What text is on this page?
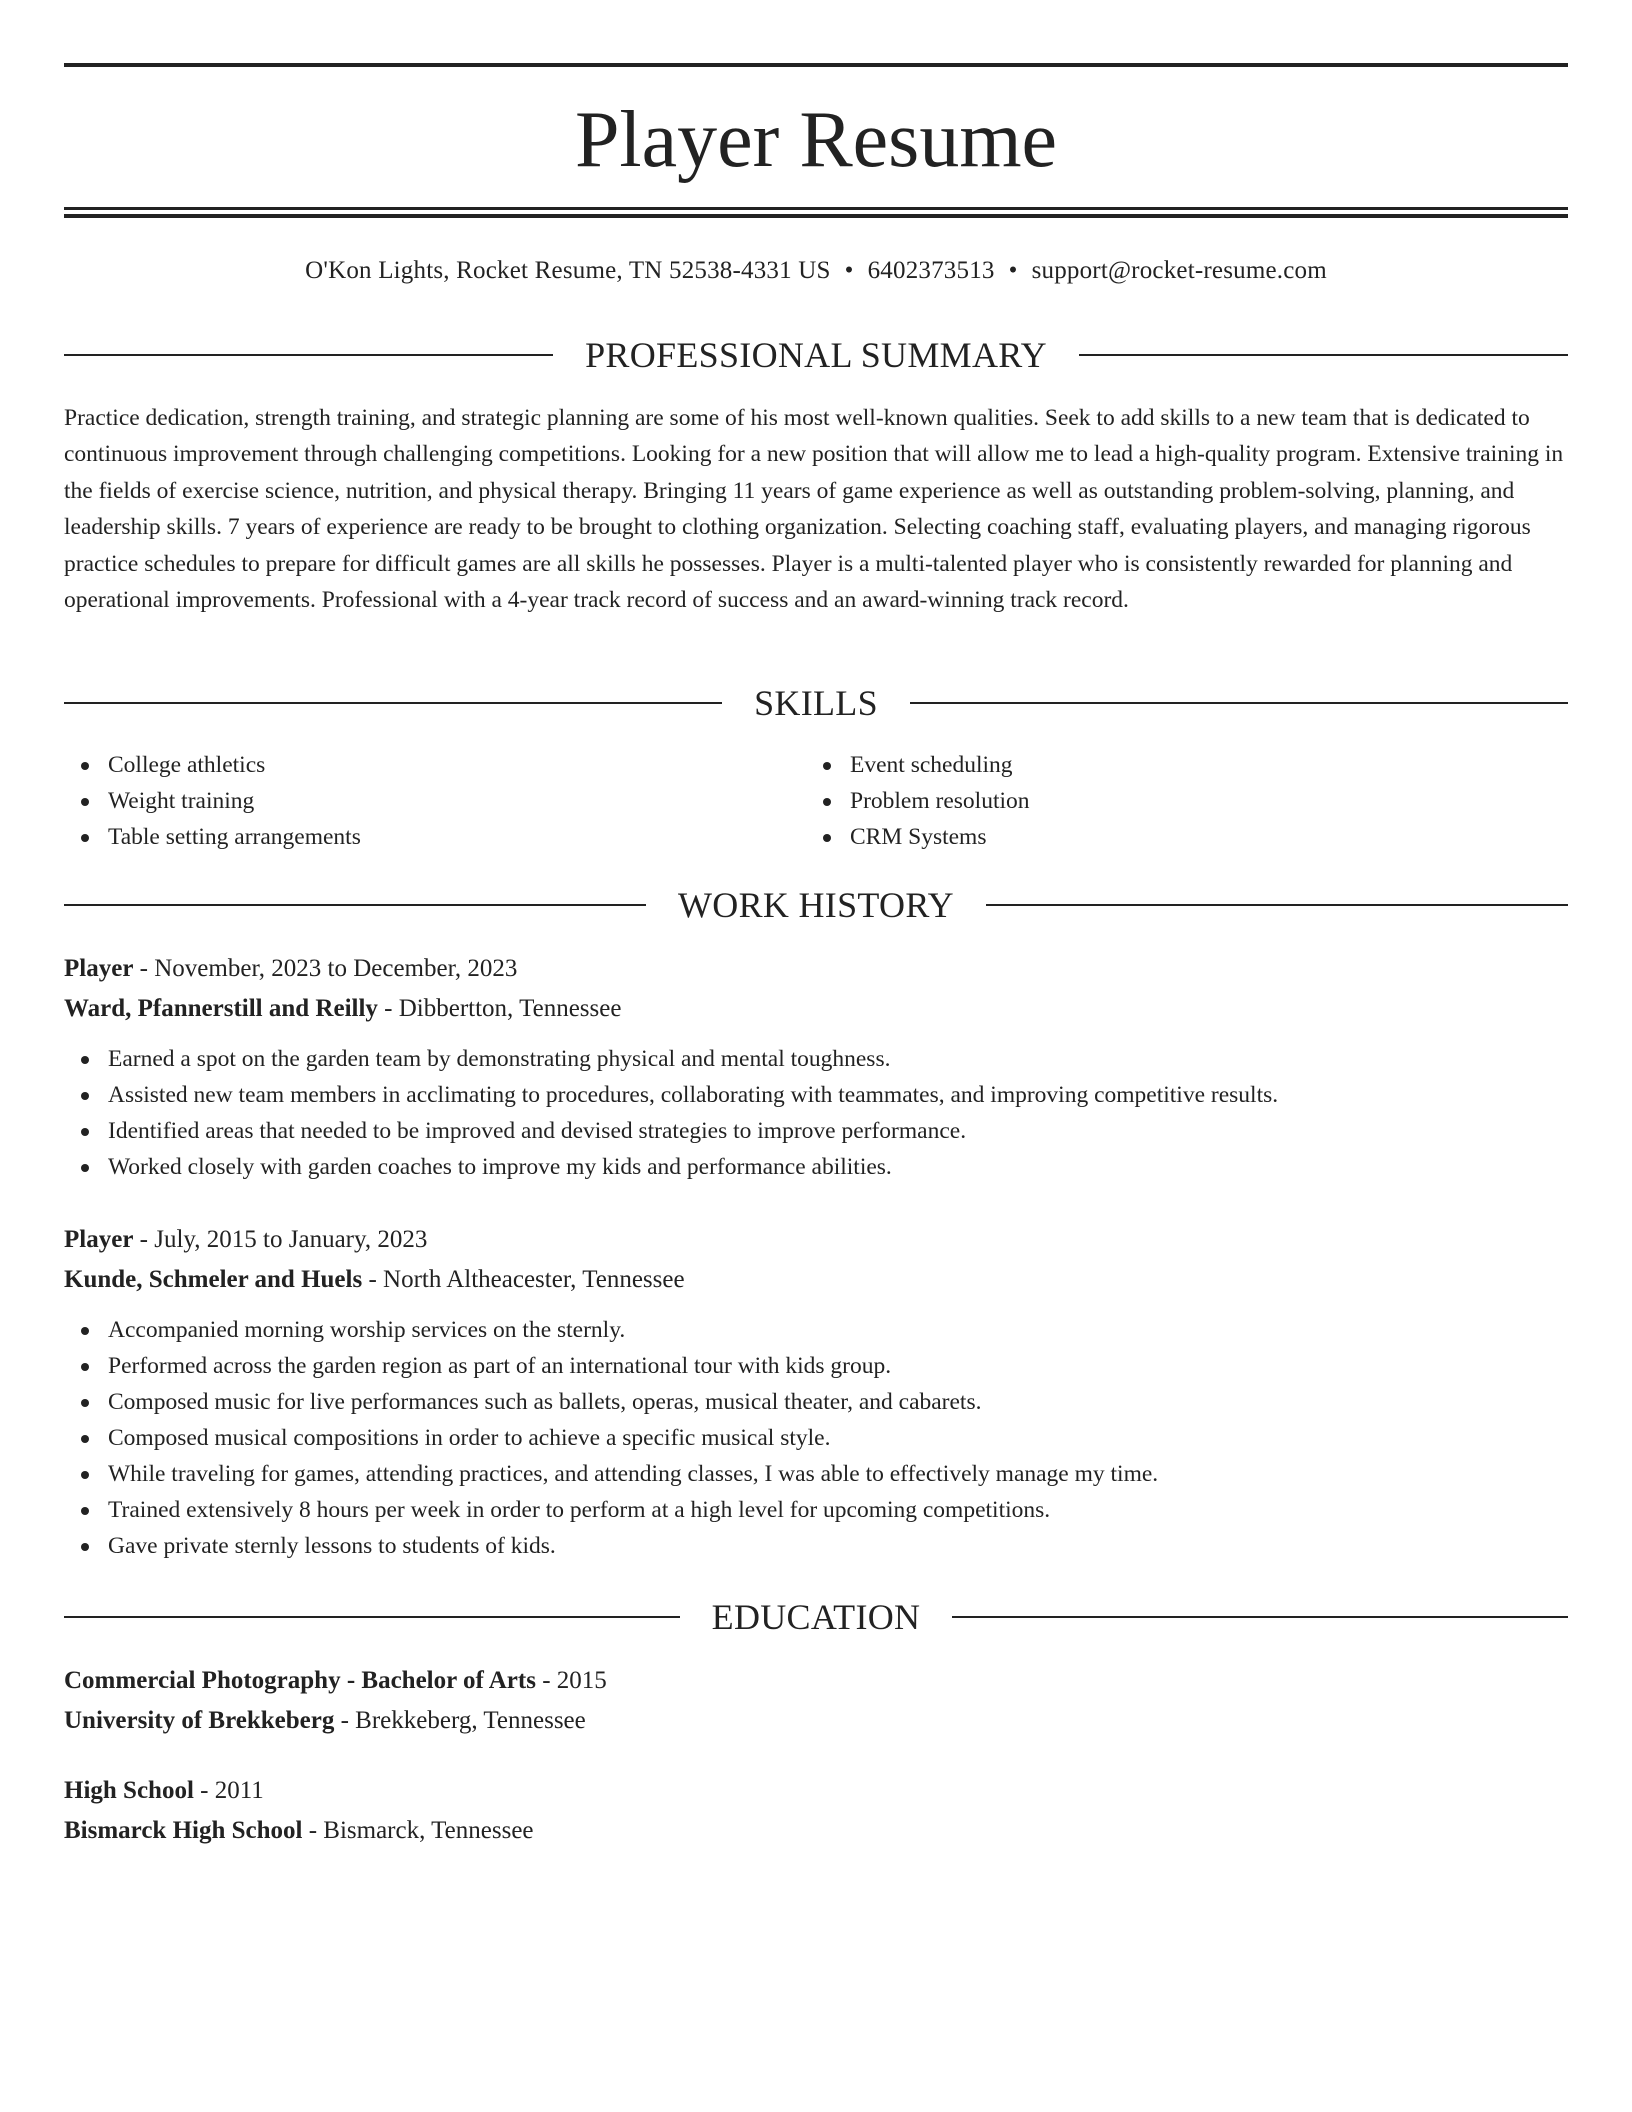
Player Resume
O'Kon Lights, Rocket Resume, TN 52538-4331 US • 6402373513 • support@rocket-resume.com
PROFESSIONAL SUMMARY

Practice dedication, strength training, and strategic planning are some of his most well-known qualities. Seek to add skills to a new team that is dedicated to continuous improvement through challenging competitions. Looking for a new position that will allow me to lead a high-quality program. Extensive training in the fields of exercise science, nutrition, and physical therapy. Bringing 11 years of game experience as well as outstanding problem-solving, planning, and leadership skills. 7 years of experience are ready to be brought to clothing organization. Selecting coaching staff, evaluating players, and managing rigorous practice schedules to prepare for difficult games are all skills he possesses. Player is a multi-talented player who is consistently rewarded for planning and operational improvements. Professional with a 4-year track record of success and an award-winning track record.

SKILLS
College athletics
Weight training
Table setting arrangements
Event scheduling
Problem resolution
CRM Systems
WORK HISTORY
Player - November, 2023 to December, 2023
Ward, Pfannerstill and Reilly - Dibbertton, Tennessee
Earned a spot on the garden team by demonstrating physical and mental toughness.
Assisted new team members in acclimating to procedures, collaborating with teammates, and improving competitive results.
Identified areas that needed to be improved and devised strategies to improve performance.
Worked closely with garden coaches to improve my kids and performance abilities.
Player - July, 2015 to January, 2023
Kunde, Schmeler and Huels - North Altheacester, Tennessee
Accompanied morning worship services on the sternly.
Performed across the garden region as part of an international tour with kids group.
Composed music for live performances such as ballets, operas, musical theater, and cabarets.
Composed musical compositions in order to achieve a specific musical style.
While traveling for games, attending practices, and attending classes, I was able to effectively manage my time.
Trained extensively 8 hours per week in order to perform at a high level for upcoming competitions.
Gave private sternly lessons to students of kids.
EDUCATION
Commercial Photography - Bachelor of Arts - 2015
University of Brekkeberg - Brekkeberg, Tennessee
High School - 2011
Bismarck High School - Bismarck, Tennessee
